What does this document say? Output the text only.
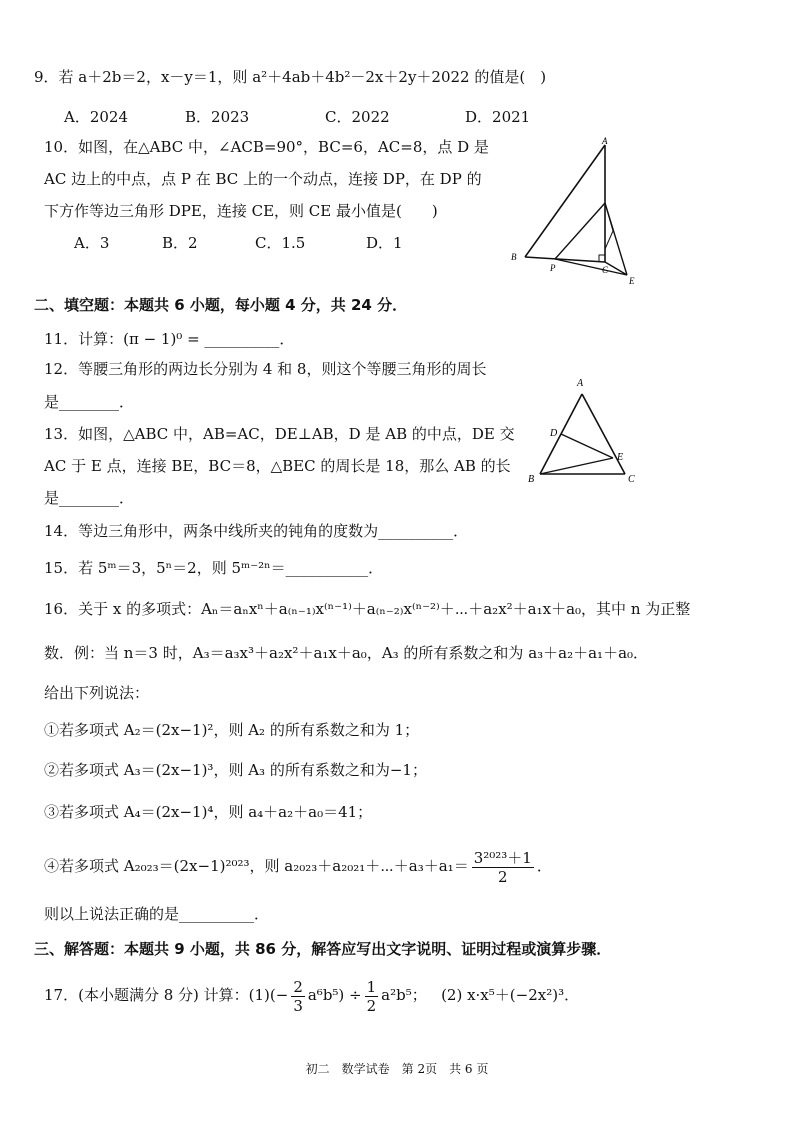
9．若 a＋2b＝2，x－y＝1，则 a²＋4ab＋4b²－2x＋2y＋2022 的值是(　)
A．2024	B．2023	C．2022	D．2021
10．如图，在△ABC 中，∠ACB=90°，BC=6，AC=8，点 D 是
AC 边上的中点，点 P 在 BC 上的一个动点，连接 DP，在 DP 的
下方作等边三角形 DPE，连接 CE，则 CE 最小值是(　　)
A．3	B．2	C．1.5	D．1
A
B
C
P
E
二、填空题：本题共 6 小题，每小题 4 分，共 24 分．
11．计算：(π − 1)⁰ = __________．
12．等腰三角形的两边长分别为 4 和 8，则这个等腰三角形的周长
是________．
13．如图，△ABC 中，AB=AC，DE⊥AB，D 是 AB 的中点，DE 交
AC 于 E 点，连接 BE，BC＝8，△BEC 的周长是 18，那么 AB 的长
是________．
A
B	C
D
E
14．等边三角形中，两条中线所夹的钝角的度数为__________．
15．若 5ᵐ＝3，5ⁿ＝2，则 5ᵐ⁻²ⁿ＝___________．
16．关于 x 的多项式：Aₙ＝aₙxⁿ＋a₍ₙ₋₁₎x⁽ⁿ⁻¹⁾＋a₍ₙ₋₂₎x⁽ⁿ⁻²⁾＋⋯＋a₂x²＋a₁x＋a₀，其中 n 为正整
数．例：当 n＝3 时，A₃＝a₃x³＋a₂x²＋a₁x＋a₀，A₃ 的所有系数之和为 a₃＋a₂＋a₁＋a₀．
给出下列说法：
①若多项式 A₂＝(2x−1)²，则 A₂ 的所有系数之和为 1；
②若多项式 A₃＝(2x−1)³，则 A₃ 的所有系数之和为−1；
③若多项式 A₄＝(2x−1)⁴，则 a₄＋a₂＋a₀＝41；
④若多项式 A₂₀₂₃＝(2x−1)²⁰²³，则 a₂₀₂₃＋a₂₀₂₁＋⋯＋a₃＋a₁＝ $\frac{\text{3²⁰²³＋1}}{2}$ ．
则以上说法正确的是__________．
三、解答题：本题共 9 小题，共 86 分，解答应写出文字说明、证明过程或演算步骤．
17．(本小题满分 8 分) 计算：$(1)(- \frac{2}{3} a^6b^5) \div \frac{1}{2} a^2b^5$； (2) x·x⁵＋(−2x²)³．
初二　数学试卷　第 2页　共 6 页
